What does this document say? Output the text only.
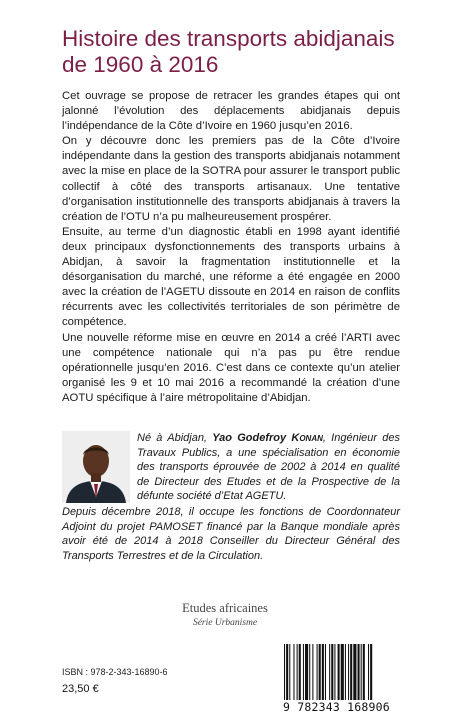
Histoire des transports abidjanais de 1960 à 2016

Cet ouvrage se propose de retracer les grandes étapes qui ont jalonné l’évolution des déplacements abidjanais depuis l’indépendance de la Côte d’Ivoire en 1960 jusqu’en 2016.

On y découvre donc les premiers pas de la Côte d’Ivoire indépendante dans la gestion des transports abidjanais notamment avec la mise en place de la SOTRA pour assurer le transport public collectif à côté des transports artisanaux. Une tentative d’organisation institutionnelle des transports abidjanais à travers la création de l’OTU n’a pu malheureusement prospérer.

Ensuite, au terme d’un diagnostic établi en 1998 ayant identifié deux principaux dysfonctionnements des transports urbains à Abidjan, à savoir la fragmentation institutionnelle et la désorganisation du marché, une réforme a été engagée en 2000 avec la création de l’AGETU dissoute en 2014 en raison de conflits récurrents avec les collectivités territoriales de son périmètre de compétence.

Une nouvelle réforme mise en œuvre en 2014 a créé l’ARTI avec une compétence nationale qui n’a pas pu être rendue opérationnelle jusqu’en 2016. C’est dans ce contexte qu’un atelier organisé les 9 et 10 mai 2016 a recommandé la création d’une AOTU spécifique à l’aire métropolitaine d’Abidjan.

Né à Abidjan, Yao Godefroy Konan, Ingénieur des Travaux Publics, a une spécialisation en économie des transports éprouvée de 2002 à 2014 en qualité de Directeur des Etudes et de la Prospective de la défunte société d’Etat AGETU.

Depuis décembre 2018, il occupe les fonctions de Coordonnateur Adjoint du projet PAMOSET financé par la Banque mondiale après avoir été de 2014 à 2018 Conseiller du Directeur Général des Transports Terrestres et de la Circulation.

Etudes africaines
Série Urbanisme
ISBN : 978-2-343-16890-6
23,50 €
9 782343 168906
